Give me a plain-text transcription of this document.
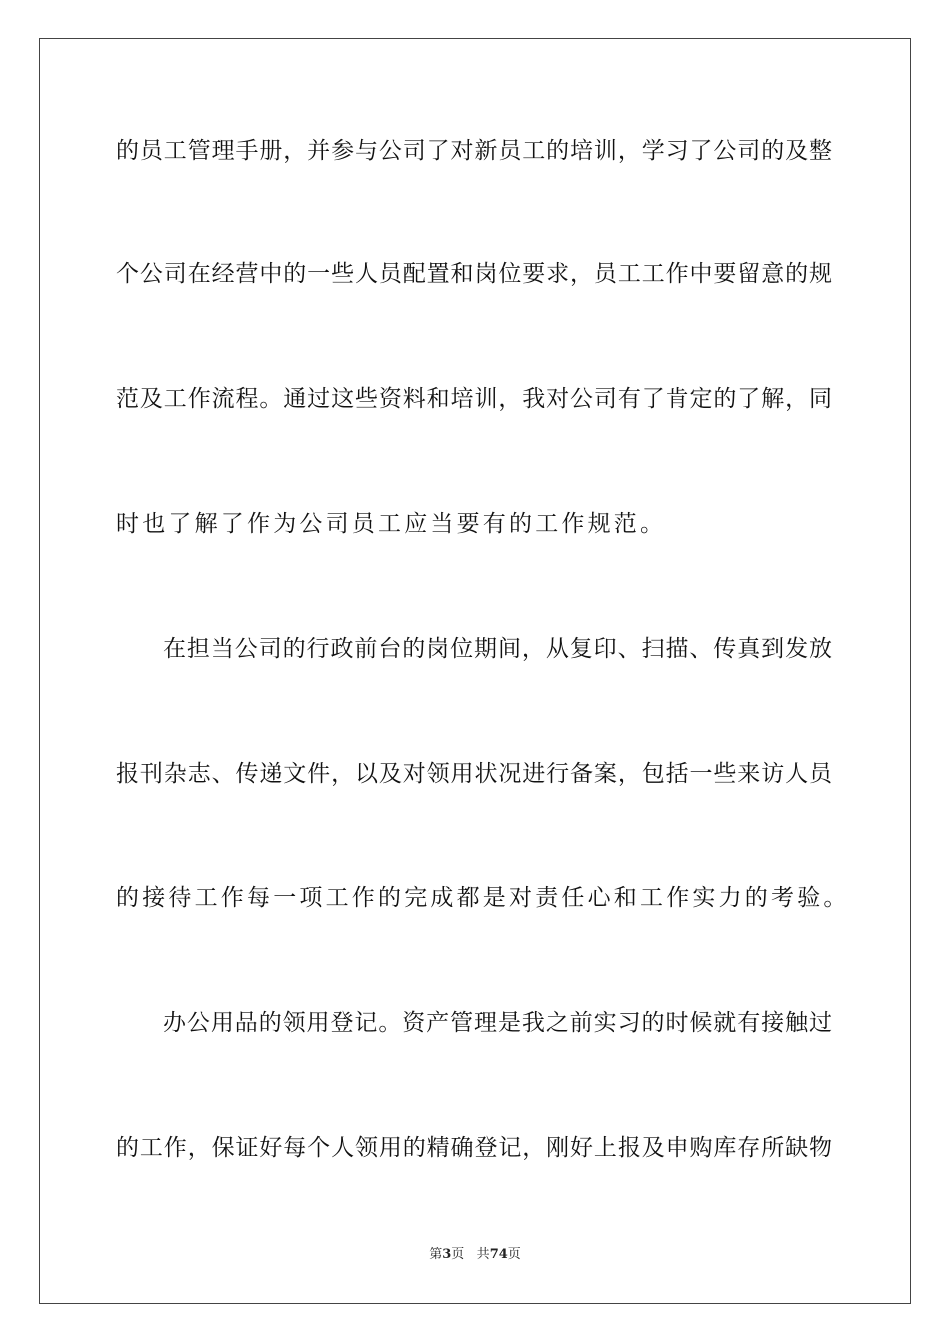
的员工管理手册，并参与公司了对新员工的培训，学习了公司的及整
个公司在经营中的一些人员配置和岗位要求，员工工作中要留意的规
范及工作流程。通过这些资料和培训，我对公司有了肯定的了解，同
时也了解了作为公司员工应当要有的工作规范。
在担当公司的行政前台的岗位期间，从复印、扫描、传真到发放
报刊杂志、传递文件，以及对领用状况进行备案，包括一些来访人员
的接待工作每一项工作的完成都是对责任心和工作实力的考验。
办公用品的领用登记。资产管理是我之前实习的时候就有接触过
的工作，保证好每个人领用的精确登记，刚好上报及申购库存所缺物
第3页 共74页
